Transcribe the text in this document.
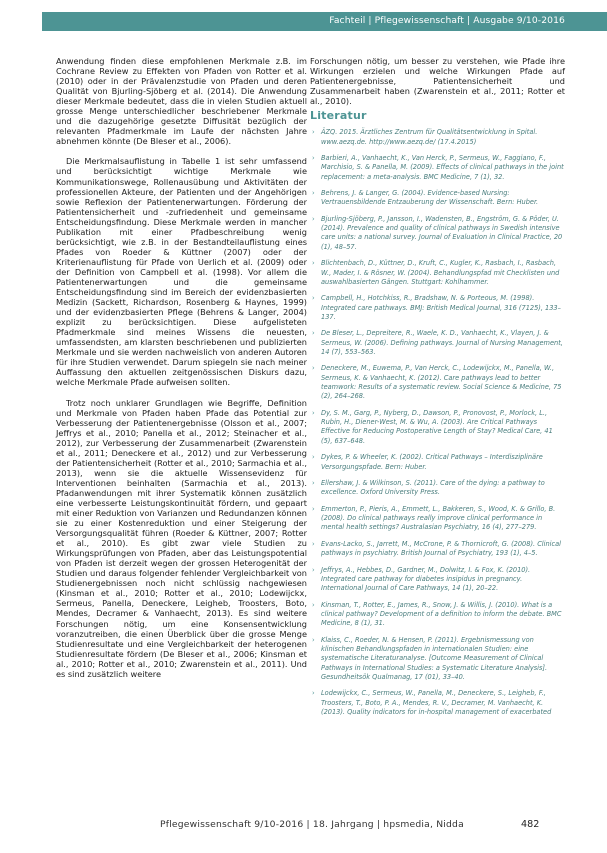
Fachteil | Pflegewissenschaft | Ausgabe 9/10-2016

Anwendung finden diese empfohlenen Merkmale z.B. im Cochrane Review zu Effekten von Pfaden von Rotter et al. (2010) oder in der Prävalenzstudie von Pfaden und deren Qualität von Bjurling-Sjöberg et al. (2014). Die Anwendung dieser Merkmale bedeutet, dass die in vielen Studien aktuell grosse Menge unterschiedlicher beschriebener Merkmale und die dazugehörige gesetzte Diffusität bezüglich der relevanten Pfadmerkmale im Laufe der nächsten Jahre abnehmen könnte (De Bleser et al., 2006).

Die Merkmalsauflistung in Tabelle 1 ist sehr umfassend und berücksichtigt wichtige Merkmale wie Kommunikationswege, Rollenausübung und Aktivitäten der professionellen Akteure, der Patienten und der Angehörigen sowie Reflexion der Patientenerwartungen. Förderung der Patientensicherheit und -zufriedenheit und gemeinsame Entscheidungsfindung. Diese Merkmale werden in mancher Publikation mit einer Pfadbeschreibung wenig berücksichtigt, wie z.B. in der Bestandteilauflistung eines Pfades von Roeder & Küttner (2007) oder der Kriterienauflistung für Pfade von Uerlich et al. (2009) oder der Definition von Campbell et al. (1998). Vor allem die Patientenerwartungen und die gemeinsame Entscheidungsfindung sind im Bereich der evidenzbasierten Medizin (Sackett, Richardson, Rosenberg & Haynes, 1999) und der evidenzbasierten Pflege (Behrens & Langer, 2004) explizit zu berücksichtigen. Diese aufgelisteten Pfadmerkmale sind meines Wissens die neuesten, umfassendsten, am klarsten beschriebenen und publizierten Merkmale und sie werden nachweislich von anderen Autoren für ihre Studien verwendet. Darum spiegeln sie nach meiner Auffassung den aktuellen zeitgenössischen Diskurs dazu, welche Merkmale Pfade aufweisen sollten.

Trotz noch unklarer Grundlagen wie Begriffe, Definition und Merkmale von Pfaden haben Pfade das Potential zur Verbesserung der Patientenergebnisse (Olsson et al., 2007; Jeffrys et al., 2010; Panella et al., 2012; Steinacher et al., 2012), zur Verbesserung der Zusammenarbeit (Zwarenstein et al., 2011; Deneckere et al., 2012) und zur Verbesserung der Patientensicherheit (Rotter et al., 2010; Sarmachia et al., 2013), wenn sie die aktuelle Wissensevidenz für Interventionen beinhalten (Sarmachia et al., 2013). Pfadanwendungen mit ihrer Systematik können zusätzlich eine verbesserte Leistungskontinuität fördern, und gepaart mit einer Reduktion von Varianzen und Redundanzen können sie zu einer Kostenreduktion und einer Steigerung der Versorgungsqualität führen (Roeder & Küttner, 2007; Rotter et al., 2010). Es gibt zwar viele Studien zu Wirkungsprüfungen von Pfaden, aber das Leistungspotential von Pfaden ist derzeit wegen der grossen Heterogenität der Studien und daraus folgender fehlender Vergleichbarkeit von Studienergebnissen noch nicht schlüssig nachgewiesen (Kinsman et al., 2010; Rotter et al., 2010; Lodewijckx, Sermeus, Panella, Deneckere, Leigheb, Troosters, Boto, Mendes, Decramer & Vanhaecht, 2013). Es sind weitere Forschungen nötig, um eine Konsensentwicklung voranzutreiben, die einen Überblick über die grosse Menge Studienresultate und eine Vergleichbarkeit der heterogenen Studienresultate fördern (De Bleser et al., 2006; Kinsman et al., 2010; Rotter et al., 2010; Zwarenstein et al., 2011). Und es sind zusätzlich weitere

Forschungen nötig, um besser zu verstehen, wie Pfade ihre Wirkungen erzielen und welche Wirkungen Pfade auf Patientenergebnisse, Patientensicherheit und Zusammenarbeit haben (Zwarenstein et al., 2011; Rotter et al., 2010).

Literatur
› ÄZQ. 2015. Ärztliches Zentrum für Qualitätsentwicklung in Spital. www.aezq.de. http://www.aezq.de/ (17.4.2015)
› Barbieri, A., Vanhaecht, K., Van Herck, P., Sermeus, W., Faggiano, F., Marchisio, S. & Panella, M. (2009). Effects of clinical pathways in the joint replacement: a meta-analysis. BMC Medicine, 7 (1), 32.
› Behrens, J. & Langer, G. (2004). Evidence-based Nursing: Vertrauensbildende Entzauberung der Wissenschaft. Bern: Huber.
› Bjurling-Sjöberg, P., Jansson, I., Wadensten, B., Engström, G. & Pöder, U. (2014). Prevalence and quality of clinical pathways in Swedish intensive care units: a national survey. Journal of Evaluation in Clinical Practice, 20 (1), 48–57.
› Blichtenbach, D., Küttner, D., Kruft, C., Kugler, K., Rasbach, I., Rasbach, W., Mader, I. & Rösner, W. (2004). Behandlungspfad mit Checklisten und auswahlbasierten Gängen. Stuttgart: Kohlhammer.
› Campbell, H., Hotchkiss, R., Bradshaw, N. & Porteous, M. (1998). Integrated care pathways. BMJ: British Medical Journal, 316 (7125), 133–137.
› De Bleser, L., Depreitere, R., Waele, K. D., Vanhaecht, K., Vlayen, J. & Sermeus, W. (2006). Defining pathways. Journal of Nursing Management, 14 (7), 553–563.
› Deneckere, M., Euwema, P., Van Herck, C., Lodewijckx, M., Panella, W., Sermeus, K. & Vanhaecht, K. (2012). Care pathways lead to better teamwork: Results of a systematic review. Social Science & Medicine, 75 (2), 264–268.
› Dy, S. M., Garg, P., Nyberg, D., Dawson, P., Pronovost, P., Morlock, L., Rubin, H., Diener-West, M. & Wu, A. (2003). Are Critical Pathways Effective for Reducing Postoperative Length of Stay? Medical Care, 41 (5), 637–648.
› Dykes, P. & Wheeler, K. (2002). Critical Pathways – Interdisziplinäre Versorgungspfade. Bern: Huber.
› Ellershaw, J. & Wilkinson, S. (2011). Care of the dying: a pathway to excellence. Oxford University Press.
› Emmerton, P., Pieris, A., Emmett, L., Bakkeren, S., Wood, K. & Grillo, B. (2008). Do clinical pathways really improve clinical performance in mental health settings? Australasian Psychiatry, 16 (4), 277–279.
› Evans-Lacko, S., Jarrett, M., McCrone, P. & Thornicroft, G. (2008). Clinical pathways in psychiatry. British Journal of Psychiatry, 193 (1), 4–5.
› Jeffrys, A., Hebbes, D., Gardner, M., Dolwitz, I. & Fox, K. (2010). Integrated care pathway for diabetes insipidus in pregnancy. International Journal of Care Pathways, 14 (1), 20–22.
› Kinsman, T., Rotter, E., James, R., Snow, J. & Willis, J. (2010). What is a clinical pathway? Development of a definition to inform the debate. BMC Medicine, 8 (1), 31.
› Klaiss, C., Roeder, N. & Hensen, P. (2011). Ergebnismessung von klinischen Behandlungspfaden in internationalen Studien: eine systematische Literaturanalyse. [Outcome Measurement of Clinical Pathways in International Studies: a Systematic Literature Analysis]. Gesundheitsök Qualmanag, 17 (01), 33–40.
› Lodewijckx, C., Sermeus, W., Panella, M., Deneckere, S., Leigheb, F., Troosters, T., Boto, P. A., Mendes, R. V., Decramer, M. Vanhaecht, K. (2013). Quality indicators for in-hospital management of exacerbated
Pflegewissenschaft 9/10-2016 | 18. Jahrgang | hpsmedia, Nidda	482
